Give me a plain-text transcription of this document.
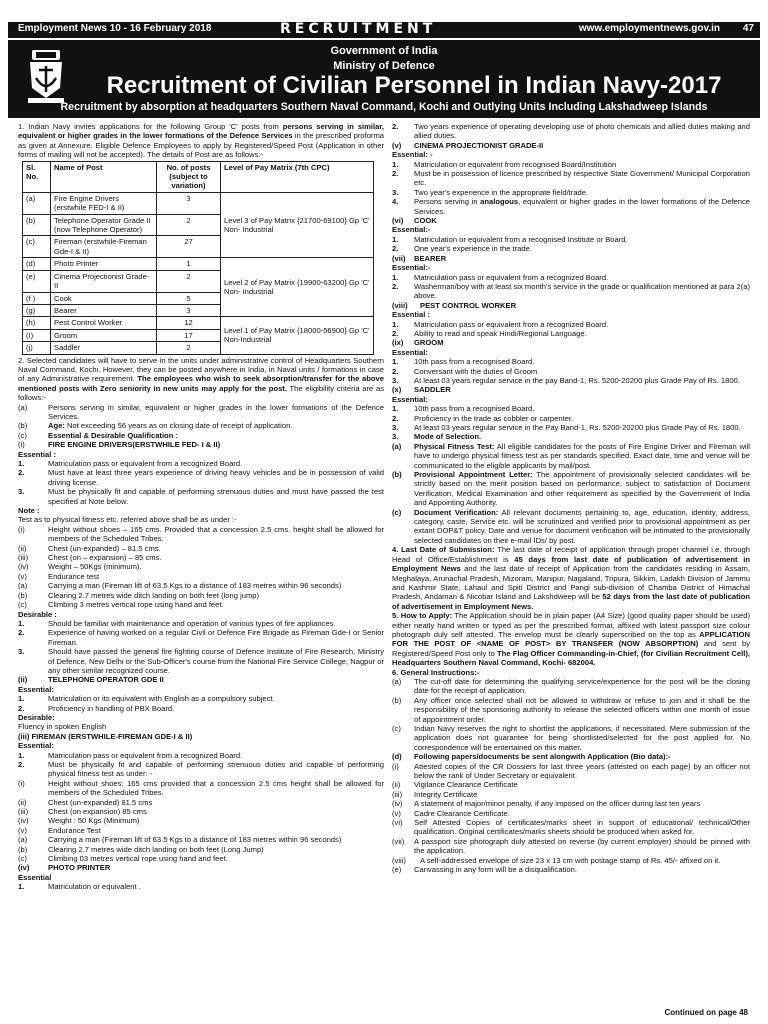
Employment News 10 - 16 February 2018	RECRUITMENT	www.employmentnews.gov.in 47
Government of India
Ministry of Defence
Recruitment of Civilian Personnel in Indian Navy-2017
Recruitment by absorption at headquarters Southern Naval Command, Kochi and Outlying Units Including Lakshadweep Islands

1. Indian Navy invites applications for the following Group 'C' posts from persons serving in similar, equivalent or higher grades in the lower formations of the Defence Services in the prescribed proforma as given at Annexure. Eligible Defence Employees to apply by Registered/Speed Post (Application in other forms of mailing will not be accepted). The details of Post are as follows:-

Sl. No.	Name of Post	No. of posts (subject to variation)	Level of Pay Matrix (7th CPC)
(a)	Fire Engine Drivers (erstwhile FED-I & II)	3	Level 3 of Pay Matrix {21700-69100} Gp 'C' Non- Industrial
(b)	Telephone Operator Grade II (now Telephone Operator)	2	
(c)	Fireman (erstwhile-Fireman Gde-I & II)	27	
(d)	Photo Printer	1	Level 2 of Pay Matrix {19900-63200} Gp 'C' Non- Industrial
(e)	Cinema Projectionist Grade-II	2	
(f )	Cook	5	
(g)	Bearer	3	
(h)	Pest Control Worker	12	Level 1 of Pay Matrix {18000-56900} Gp 'C' Non-Industrial
(I)	Groom	17	
(j)	Saddler	2	

2. Selected candidates will have to serve in the units under administrative control of Headquarters Southern Naval Command, Kochi. However, they can be posted anywhere in India, in Naval units / formations in case of any Administrative requirement. The employees who wish to seek absorption/transfer for the above mentioned posts with Zero seniority in new units may apply for the post. The eligibility criteria are as follows:-

(a)	Persons serving in similar, equivalent or higher grades in the lower formations of the Defence Services.
(b)	Age: Not exceeding 56 years as on closing date of receipt of application.
(c)	Essential & Desirable Qualification :
(i)	FIRE ENGINE DRIVERS(ERSTWHILE FED- I & II)

Essential :

1.	Matriculation pass or equivalent from a recognized Board.
2.	Must have at least three years experience of driving heavy vehicles and be in possession of valid driving license.
3.	Must be physically fit and capable of performing strenuous duties and must have passed the test specified at Note below.

Note :

Test as to physical fitness etc. referred above shall be as under :-

(i)	Height without shoes – 165 cms. Provided that a concession 2.5 cms. height shall be allowed for members of the Scheduled Tribes.
(ii)	Chest (un-expanded) – 81.5 cms.
(iii)	Chest (on – expansion) – 85 cms.
(iv)	Weight – 50Kgs (minimum).
(v)	Endurance test
(a)	Carrying a man (Fireman lift of 63.5 Kgs to a distance of 183 metres within 96 seconds)
(b)	Clearing 2.7 metres wide ditch landing on both feet (long jump)
(c)	Climbing 3 metres vertical rope using hand and feet.

Desirable :

1.	Should be familiar with maintenance and operation of various types of fire appliances.
2.	Experience of having worked on a regular Civil or Defence Fire Brigade as Fireman Gde-I or Senior Fireman.
3.	Should have passed the general fire fighting course of Defence Institute of Fire Research, Ministry of Defence, New Delhi or the Sub-Officer's course from the National Fire Service College, Nagpur or any other similar recognized course.
(ii)	TELEPHONE OPERATOR GDE II

Essential:

1.	Matriculation or its equivalent with English as a compulsory subject.
2.	Proficiency in handling of PBX Board.

Desirable:

Fluency in spoken English

(iii) FIREMAN (ERSTWHILE-FIREMAN GDE-I & II)

Essential:

1.	Matriculation pass or equivalent from a recognized Board.
2.	Must be physically fit and capable of performing strenuous duties and capable of performing physical fitness test as under: -
(i)	Height without shoes: 165 cms provided that a concession 2.5 cms height shall be allowed for members of the Scheduled Tribes.
(ii)	Chest (un-expanded) 81.5 cms
(iii)	Chest (on expansion) 85 cms
(iv)	Weight : 50 Kgs (Minimum)
(v)	Endurance Test
(a)	Carrying a man (Fireman lift of 63.5 Kgs to a distance of 183 metres within 96 seconds)
(b)	Clearing 2.7 metres wide ditch landing on both feet (Long Jump)
(c)	Climbing 03 metres vertical rope using hand and feet.
(iv)	PHOTO PRINTER

Essential

1.	Matriculation or equivalent .
2.	Two years experience of operating developing use of photo chemicals and allied duties making and allied duties.
(v)	CINEMA PROJECTIONIST GRADE-II

Essential: -

1.	Matriculation or equivalent from recognised Board/Institution
2.	Must be in possession of licence prescribed by respective State Government/ Municipal Corporation etc.
3.	Two year's experience in the appropriate field/trade.
4.	Persons serving in analogous, equivalent or higher grades in the lower formations of the Defence Services.
(vi)	COOK

Essential:-

1.	Matriculation or equivalent from a recognised Institute or Board.
2.	One year's experience in the trade.
(vii)	BEARER

Essential:-

1.	Matriculation pass or equivalent from a recognized Board.
2.	Washerman/boy with at least six month's service in the grade or qualification mentioned at para 2(a) above.
(viii)	PEST CONTROL WORKER

Essential :

1.	Matriculation pass or equivalent from a recognized Board.
2.	Ability to read and speak Hindi/Regional Language.
(ix)	GROOM

Essential:

1.	10th pass from a recognised Board.
2.	Conversant with the duties of Groom
3.	At least 03 years regular service in the pay Band-1, Rs. 5200-20200 plus Grade Pay of Rs. 1800.
(x)	SADDLER

Essential:

1.	10th pass from a recognised Board.
2.	Proficiency in the trade as cobbler or carpenter.
3.	At least 03 years regular service in the Pay Band-1, Rs. 5200-20200 plus Grade Pay of Rs. 1800.
3.	Mode of Selection.
(a)	Physical Fitness Test: All eligible candidates for the posts of Fire Engine Driver and Fireman will have to undergo physical fitness test as per standards specified. Exact date, time and venue will be communicated to the eligible applicants by mail/post.
(b)	Provisional Appointment Letter: The appointment of provisionally selected candidates will be strictly based on the merit position based on performance, subject to satisfaction of Document Verification, Medical Examination and other requirement as specified by the Government of India and Appointing Authority.
(c)	Document Verification: All relevant documents pertaining to, age, education, identity, address, category, caste, Service etc. will be scrutinized and verified prior to provisional appointment as per extant DOP&T policy. Date and venue for document verification will be intimated to the provisionally selected candidates on their e-mail IDs/ by post.

4. Last Date of Submission: The last date of receipt of application through proper channel i.e. through Head of Office/Establishment is 45 days from last date of publication of advertisement in Employment News and the last date of receipt of Application from the candidates residing in Assam, Meghalaya, Arunachal Pradesh, Mizoram, Manipur, Nagaland, Tripura, Sikkim, Ladakh Division of Jammu and Kashmir State, Lahaul and Spiti District and Pangi sub-division of Chamba District of Himachal Pradesh, Andaman & Nicobar Island and Lakshdweep will be 52 days from the last date of publication of advertisement in Employment News.

5. How to Apply: The Application should be in plain paper (A4 Size) (good quality paper should be used) either neatly hand written or typed as per the prescribed format, affixed with latest passport size colour photograph duly self attested. The envelop must be clearly superscribed on the top as APPLICATION FOR THE POST OF <NAME OF POST> BY TRANSFER (NOW ABSORPTION) and sent by Registered/Speed Post only to The Flag Officer Commanding-in-Chief, (for Civilian Recruitment Cell), Headquarters Southern Naval Command, Kochi- 682004.

6. General Instructions:-

(a)	The cut-off date for determining the qualifying service/experience for the post will be the closing date for the receipt of application.
(b)	Any officer once selected shall not be allowed to withdraw or refuse to join and it shall be the responsibility of the sponsoring authority to release the selected officers within one month of issue of appointment order.
(c)	Indian Navy reserves the right to shortlist the applications, if necessitated. Mere submission of the application does not guarantee for being shortlisted/selected for the post applied for. No correspondence will be entertained on this matter.
(d)	Following papers/documents be sent alongwith Application (Bio data):-
(i)	Attested copies of the CR Dossiers for last three years (attested on each page) by an officer not below the rank of Under Secretary or equivalent.
(ii)	Vigilance Clearance Certificate
(iii)	Integrity Certificate
(iv)	A statement of major/minor penalty, if any imposed on the officer during last ten years
(v)	Cadre Clearance Certificate.
(vi)	Self Attested Copies of certificates/marks sheet in support of educational/ technical/Other qualification. Original certificates/marks sheets should be produced when asked for.
(vii)	A passport size photograph duly attested on reverse (by current employer) should be pinned with the application.
(viii)	A self-addressed envelope of size 23 x 13 cm with postage stamp of Rs. 45/- affixed on it.
(e)	Canvassing in any form will be a disqualification.
Continued on page 48
